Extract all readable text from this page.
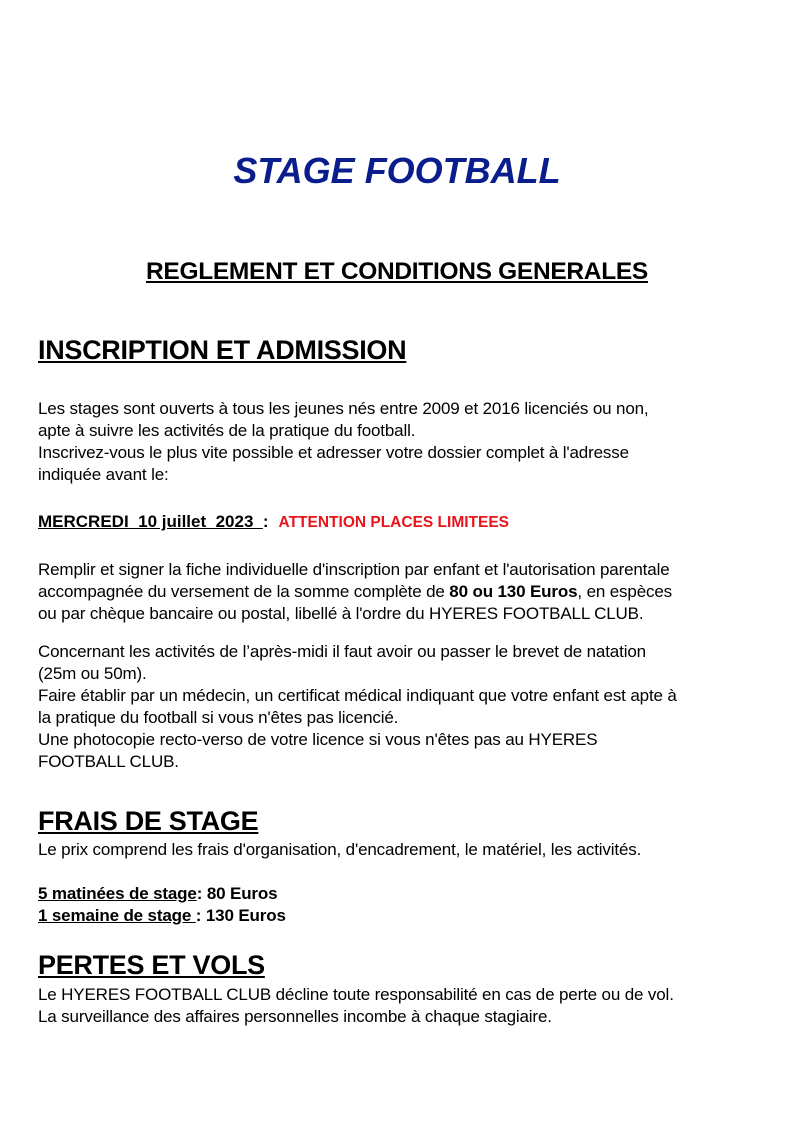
STAGE FOOTBALL
REGLEMENT ET CONDITIONS GENERALES
INSCRIPTION ET ADMISSION

Les stages sont ouverts à tous les jeunes nés entre 2009 et 2016 licenciés ou non,
apte à suivre les activités de la pratique du football.
Inscrivez-vous le plus vite possible et adresser votre dossier complet à l'adresse
indiquée avant le:

MERCREDI  10 juillet  2023  : ATTENTION PLACES LIMITEES

Remplir et signer la fiche individuelle d'inscription par enfant et l'autorisation parentale
accompagnée du versement de la somme complète de 80 ou 130 Euros, en espèces
ou par chèque bancaire ou postal, libellé à l'ordre du HYERES FOOTBALL CLUB.

Concernant les activités de l’après-midi il faut avoir ou passer le brevet de natation
(25m ou 50m).
Faire établir par un médecin, un certificat médical indiquant que votre enfant est apte à
la pratique du football si vous n'êtes pas licencié.
Une photocopie recto-verso de votre licence si vous n'êtes pas au HYERES
FOOTBALL CLUB.

FRAIS DE STAGE

Le prix comprend les frais d'organisation, d'encadrement, le matériel, les activités.

5 matinées de stage: 80 Euros
1 semaine de stage : 130 Euros

PERTES ET VOLS

Le HYERES FOOTBALL CLUB décline toute responsabilité en cas de perte ou de vol.
La surveillance des affaires personnelles incombe à chaque stagiaire.
